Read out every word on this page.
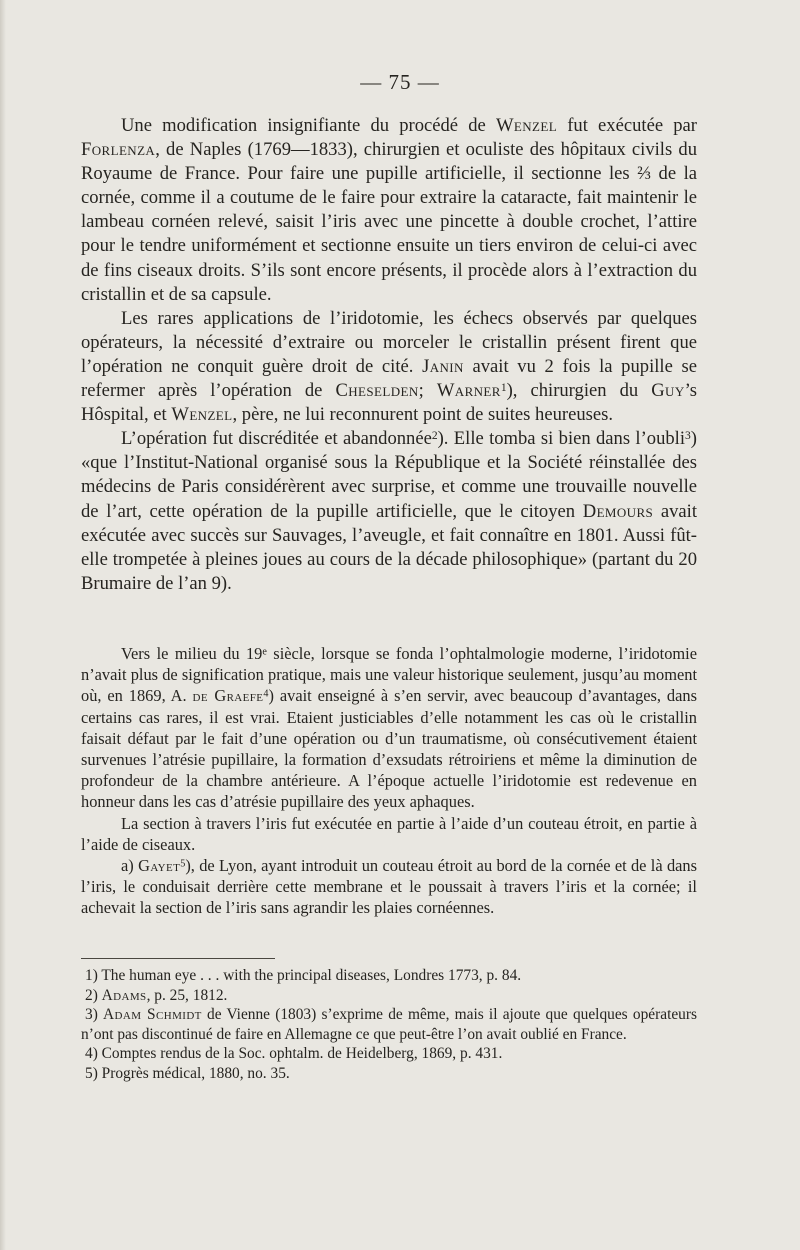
— 75 —

Une modification insignifiante du procédé de Wenzel fut exécutée par Forlenza, de Naples (1769—1833), chirurgien et oculiste des hôpitaux civils du Royaume de France. Pour faire une pupille artificielle, il sectionne les ⅔ de la cornée, comme il a coutume de le faire pour extraire la cataracte, fait maintenir le lambeau cornéen relevé, saisit l’iris avec une pincette à double crochet, l’attire pour le tendre uniformément et sectionne ensuite un tiers environ de celui-ci avec de fins ciseaux droits. S’ils sont encore présents, il procède alors à l’extraction du cristallin et de sa capsule.

Les rares applications de l’iridotomie, les échecs observés par quelques opérateurs, la nécessité d’extraire ou morceler le cristallin présent firent que l’opération ne conquit guère droit de cité. Janin avait vu 2 fois la pupille se refermer après l’opération de Cheselden; Warner$^1$), chirurgien du Guy’s Hôspital, et Wenzel, père, ne lui reconnurent point de suites heureuses.

L’opération fut discréditée et abandonnée$^2$). Elle tomba si bien dans l’oubli$^3$) «que l’Institut-National organisé sous la République et la Société réinstallée des médecins de Paris considérèrent avec surprise, et comme une trouvaille nouvelle de l’art, cette opération de la pupille artificielle, que le citoyen Demours avait exécutée avec succès sur Sauvages, l’aveugle, et fait connaître en 1801. Aussi fût-elle trompetée à pleines joues au cours de la décade philosophique» (partant du 20 Brumaire de l’an 9).

Vers le milieu du 19e siècle, lorsque se fonda l’ophtalmologie moderne, l’iridotomie n’avait plus de signification pratique, mais une valeur historique seulement, jusqu’au moment où, en 1869, A. de Graefe$^4$) avait enseigné à s’en servir, avec beaucoup d’avantages, dans certains cas rares, il est vrai. Etaient justiciables d’elle notamment les cas où le cristallin faisait défaut par le fait d’une opération ou d’un traumatisme, où consécutivement étaient survenues l’atrésie pupillaire, la formation d’exsudats rétroiriens et même la diminution de profondeur de la chambre antérieure. A l’époque actuelle l’iridotomie est redevenue en honneur dans les cas d’atrésie pupillaire des yeux aphaques.

La section à travers l’iris fut exécutée en partie à l’aide d’un couteau étroit, en partie à l’aide de ciseaux.

a) Gayet$^5$), de Lyon, ayant introduit un couteau étroit au bord de la cornée et de là dans l’iris, le conduisait derrière cette membrane et le poussait à travers l’iris et la cornée; il achevait la section de l’iris sans agrandir les plaies cornéennes.

1) The human eye . . . with the principal diseases, Londres 1773, p. 84.

2) Adams, p. 25, 1812.

3) Adam Schmidt de Vienne (1803) s’exprime de même, mais il ajoute que quelques opérateurs n’ont pas discontinué de faire en Allemagne ce que peut-être l’on avait oublié en France.

4) Comptes rendus de la Soc. ophtalm. de Heidelberg, 1869, p. 431.

5) Progrès médical, 1880, no. 35.
